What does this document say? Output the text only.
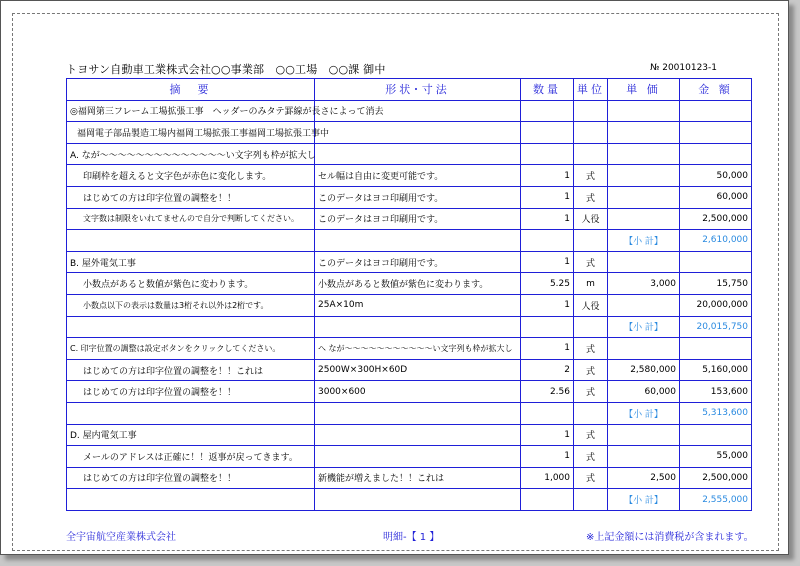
トヨサン自動車工業株式会社○○事業部　○○工場　○○課 御中	№ 20010123-1
摘　要	形状･寸法	数量	単位	単 価	金 額
◎福岡第三フレーム工場拡張工事　ヘッダーのみタテ罫線が長さによって消去					
福岡電子部品製造工場内福岡工場拡張工事福岡工場拡張工事中					
A. なが～～～～～～～～～～～～～～い文字列も枠が拡大し					
印刷枠を超えると文字色が赤色に変化します。	セル幅は自由に変更可能です。	1	式		50,000
はじめての方は印字位置の調整を！！	このデータはヨコ印刷用です。	1	式		60,000
文字数は制限をいれてませんので自分で判断してください。	このデータはヨコ印刷用です。	1	人役		2,500,000
				【小 計】	2,610,000
B. 屋外電気工事	このデータはヨコ印刷用です。	1	式		
小数点があると数値が紫色に変わります。	小数点があると数値が紫色に変わります。	5.25	m	3,000	15,750
小数点以下の表示は数量は3桁それ以外は2桁です。	25A×10m	1	人役		20,000,000
				【小 計】	20,015,750
C. 印字位置の調整は設定ボタンをクリックしてください。	ヘ なが～～～～～～～～～～～い文字列も枠が拡大し	1	式		
はじめての方は印字位置の調整を！！これは	2500W×300H×60D	2	式	2,580,000	5,160,000
はじめての方は印字位置の調整を！！	3000×600	2.56	式	60,000	153,600
				【小 計】	5,313,600
D. 屋内電気工事		1	式		
メールのアドレスは正確に！！返事が戻ってきます。		1	式		55,000
はじめての方は印字位置の調整を！！	新機能が増えました！！これは	1,000	式	2,500	2,500,000
				【小 計】	2,555,000
全宇宙航空産業株式会社	明細-【 1 】	※上記金額には消費税が含まれます。
